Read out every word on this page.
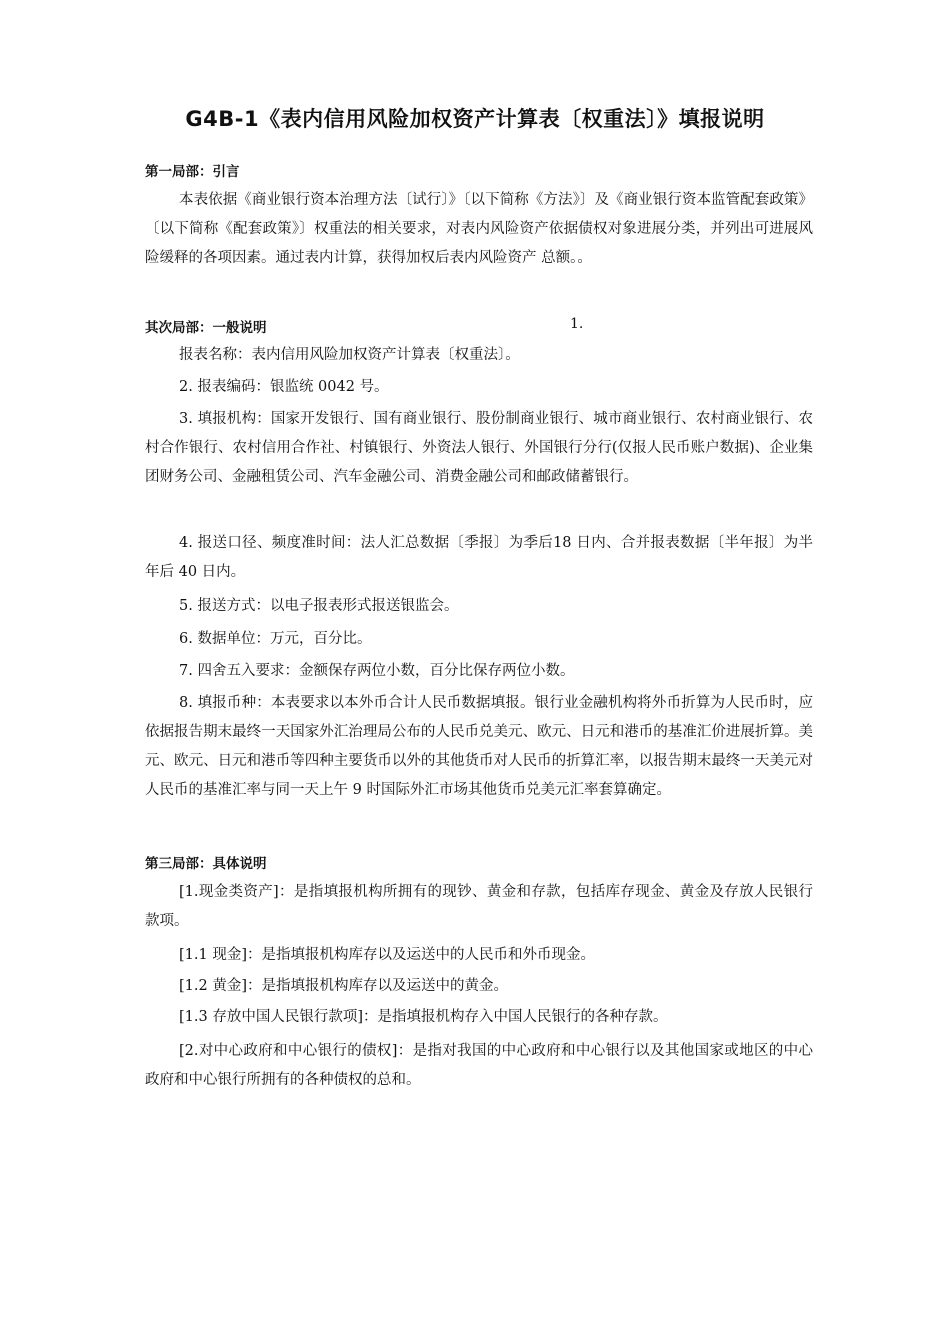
G4B-1《表内信用风险加权资产计算表〔权重法〕》填报说明
第一局部：引言
本表依据《商业银行资本治理方法〔试行〕》〔以下简称《方法》〕及《商业银行资本监管配套政策》〔以下简称《配套政策》〕权重法的相关要求，对表内风险资产依据债权对象进展分类，并列出可进展风险缓释的各项因素。通过表内计算，获得加权后表内风险资产 总额。。
其次局部：一般说明	1.
报表名称：表内信用风险加权资产计算表〔权重法〕。
2. 报表编码：银监统 0042 号。
3. 填报机构：国家开发银行、国有商业银行、股份制商业银行、城市商业银行、农村商业银行、农村合作银行、农村信用合作社、村镇银行、外资法人银行、外国银行分行(仅报人民币账户数据)、企业集团财务公司、金融租赁公司、汽车金融公司、消费金融公司和邮政储蓄银行。
4. 报送口径、频度准时间：法人汇总数据〔季报〕为季后18 日内、合并报表数据〔半年报〕为半年后 40 日内。
5. 报送方式：以电子报表形式报送银监会。
6. 数据单位：万元，百分比。
7. 四舍五入要求：金额保存两位小数，百分比保存两位小数。
8. 填报币种：本表要求以本外币合计人民币数据填报。银行业金融机构将外币折算为人民币时，应依据报告期末最终一天国家外汇治理局公布的人民币兑美元、欧元、日元和港币的基准汇价进展折算。美元、欧元、日元和港币等四种主要货币以外的其他货币对人民币的折算汇率，以报告期末最终一天美元对人民币的基准汇率与同一天上午 9 时国际外汇市场其他货币兑美元汇率套算确定。
第三局部：具体说明
[1.现金类资产]：是指填报机构所拥有的现钞、黄金和存款，包括库存现金、黄金及存放人民银行款项。
[1.1 现金]：是指填报机构库存以及运送中的人民币和外币现金。
[1.2 黄金]：是指填报机构库存以及运送中的黄金。
[1.3 存放中国人民银行款项]：是指填报机构存入中国人民银行的各种存款。
[2.对中心政府和中心银行的债权]：是指对我国的中心政府和中心银行以及其他国家或地区的中心政府和中心银行所拥有的各种债权的总和。
